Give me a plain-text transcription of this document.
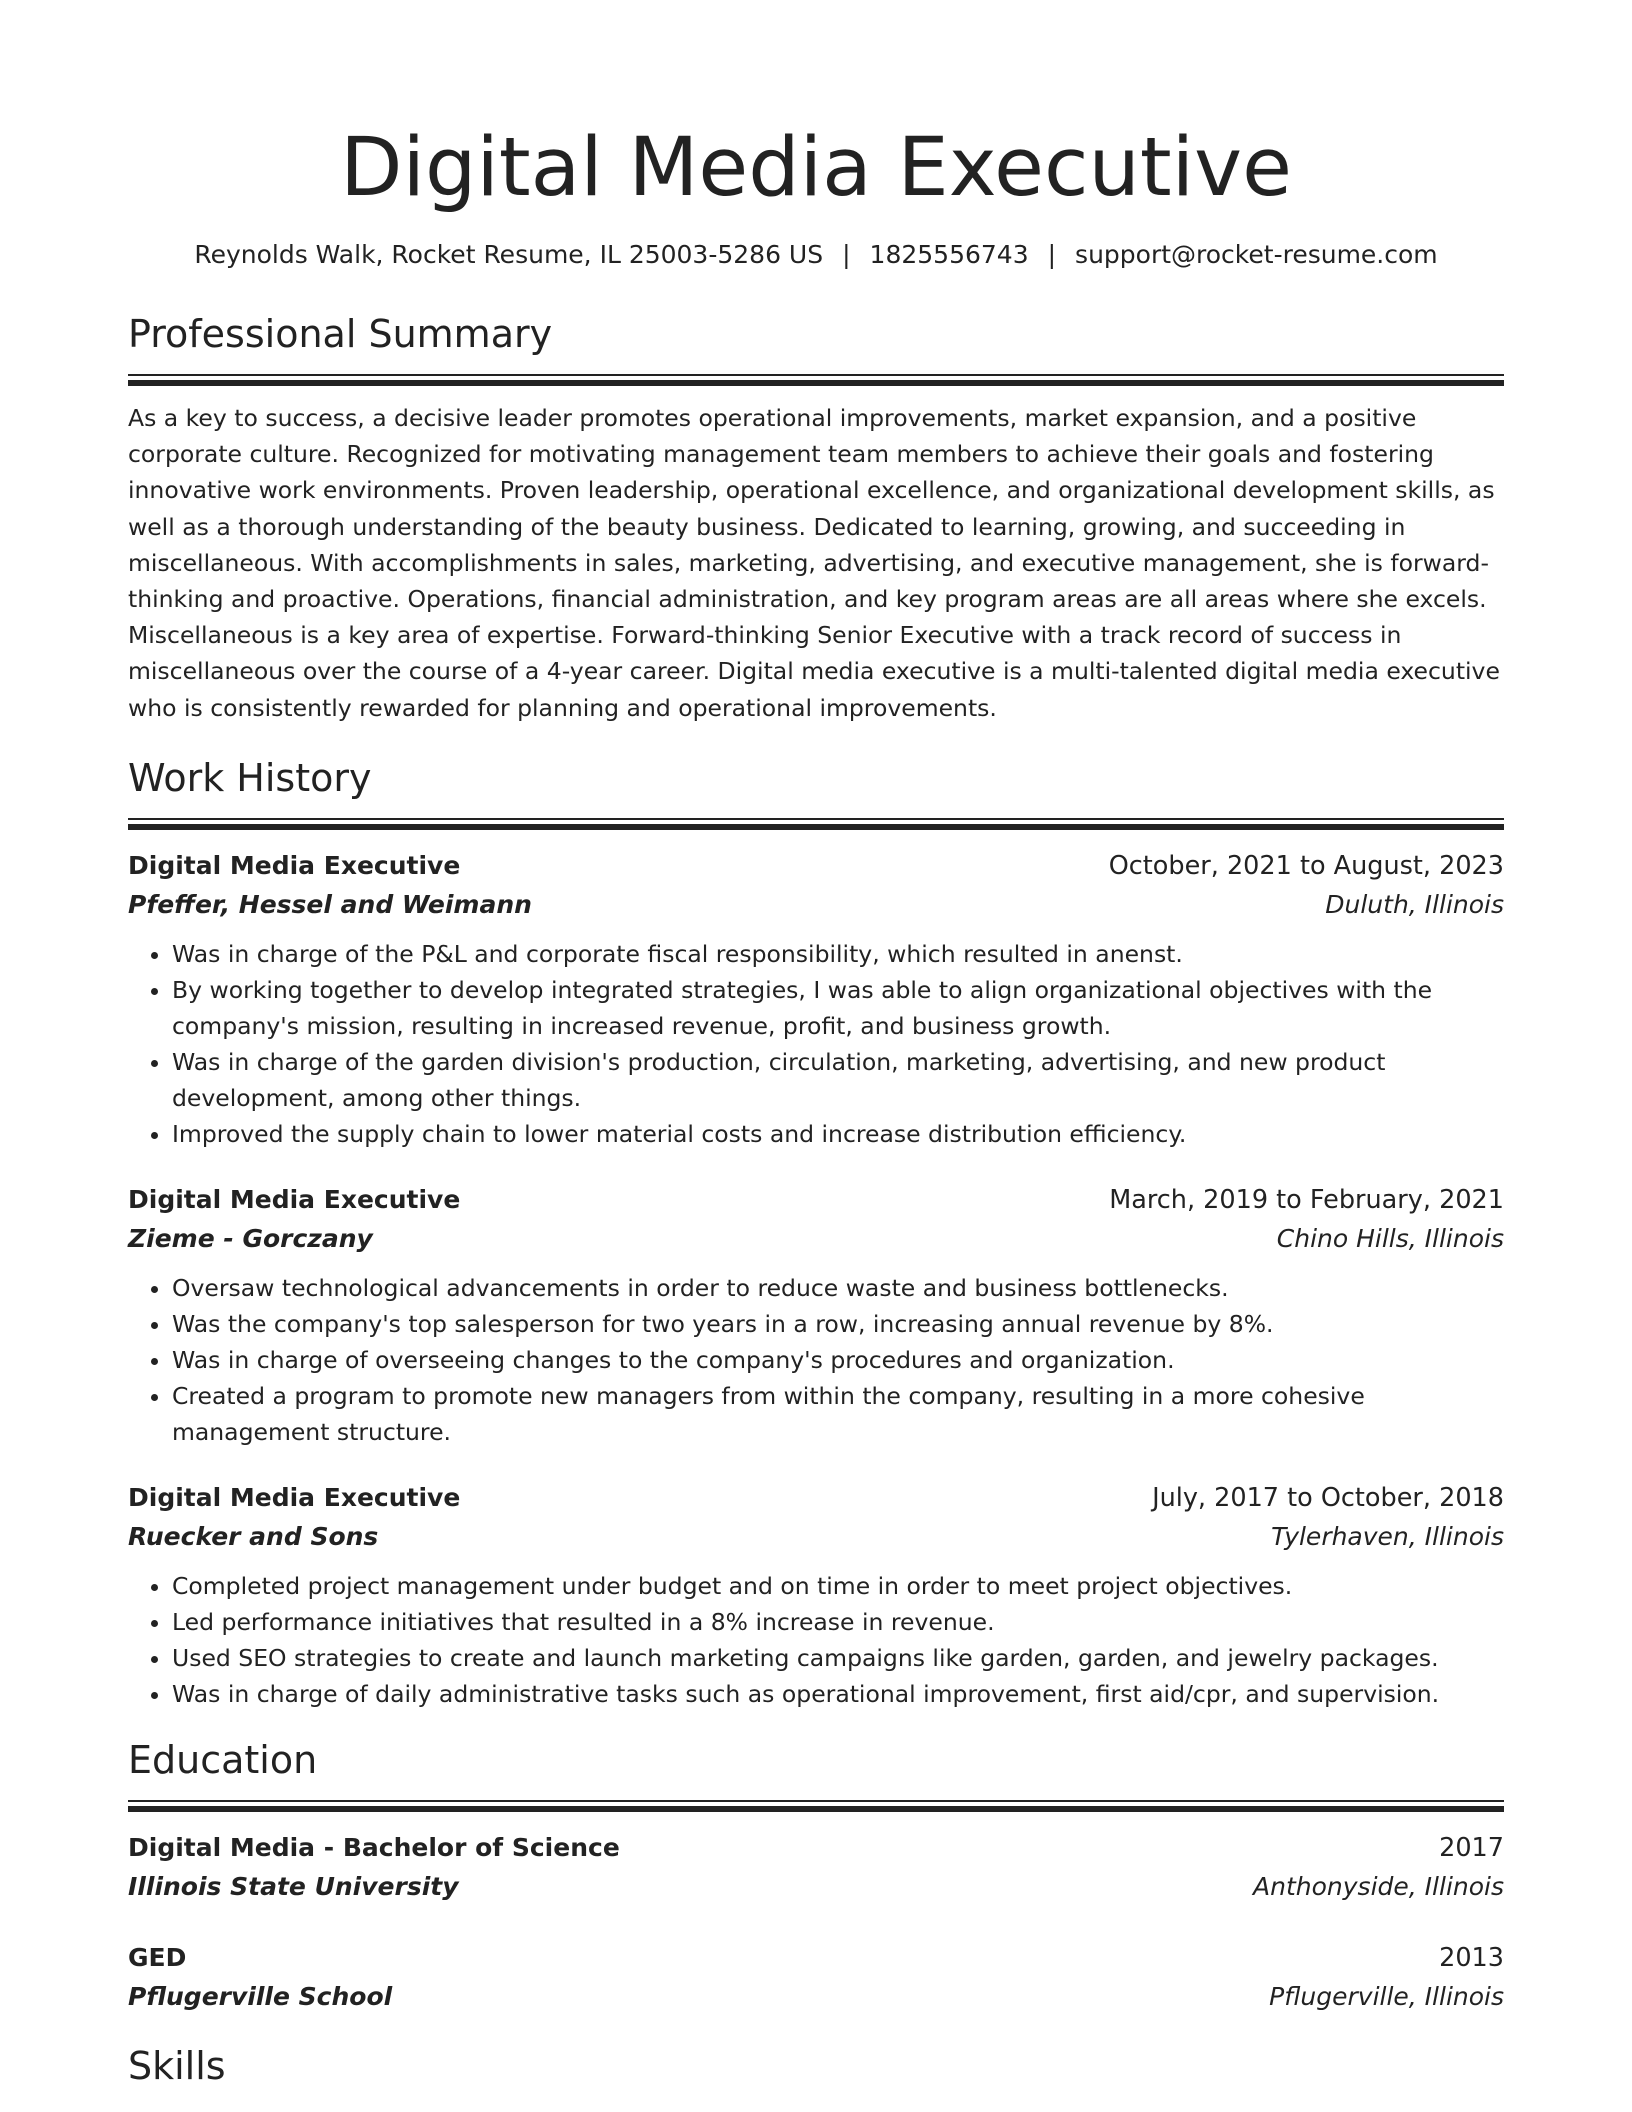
Digital Media Executive
Reynolds Walk, Rocket Resume, IL 25003-5286 US | 1825556743 | support@rocket-resume.com
Professional Summary
As a key to success, a decisive leader promotes operational improvements, market expansion, and a positive corporate culture. Recognized for motivating management team members to achieve their goals and fostering innovative work environments. Proven leadership, operational excellence, and organizational development skills, as well as a thorough understanding of the beauty business. Dedicated to learning, growing, and succeeding in miscellaneous. With accomplishments in sales, marketing, advertising, and executive management, she is forward-thinking and proactive. Operations, financial administration, and key program areas are all areas where she excels. Miscellaneous is a key area of expertise. Forward-thinking Senior Executive with a track record of success in miscellaneous over the course of a 4-year career. Digital media executive is a multi-talented digital media executive who is consistently rewarded for planning and operational improvements.
Work History
Digital Media Executive	October, 2021 to August, 2023
Pfeffer, Hessel and Weimann	Duluth, Illinois
• Was in charge of the P&L and corporate fiscal responsibility, which resulted in anenst.
• By working together to develop integrated strategies, I was able to align organizational objectives with the company's mission, resulting in increased revenue, profit, and business growth.
• Was in charge of the garden division's production, circulation, marketing, advertising, and new product development, among other things.
• Improved the supply chain to lower material costs and increase distribution efficiency.
Digital Media Executive	March, 2019 to February, 2021
Zieme - Gorczany	Chino Hills, Illinois
• Oversaw technological advancements in order to reduce waste and business bottlenecks.
• Was the company's top salesperson for two years in a row, increasing annual revenue by 8%.
• Was in charge of overseeing changes to the company's procedures and organization.
• Created a program to promote new managers from within the company, resulting in a more cohesive management structure.
Digital Media Executive	July, 2017 to October, 2018
Ruecker and Sons	Tylerhaven, Illinois
• Completed project management under budget and on time in order to meet project objectives.
• Led performance initiatives that resulted in a 8% increase in revenue.
• Used SEO strategies to create and launch marketing campaigns like garden, garden, and jewelry packages.
• Was in charge of daily administrative tasks such as operational improvement, first aid/cpr, and supervision.
Education
Digital Media - Bachelor of Science	2017
Illinois State University	Anthonyside, Illinois
GED	2013
Pflugerville School	Pflugerville, Illinois
Skills
